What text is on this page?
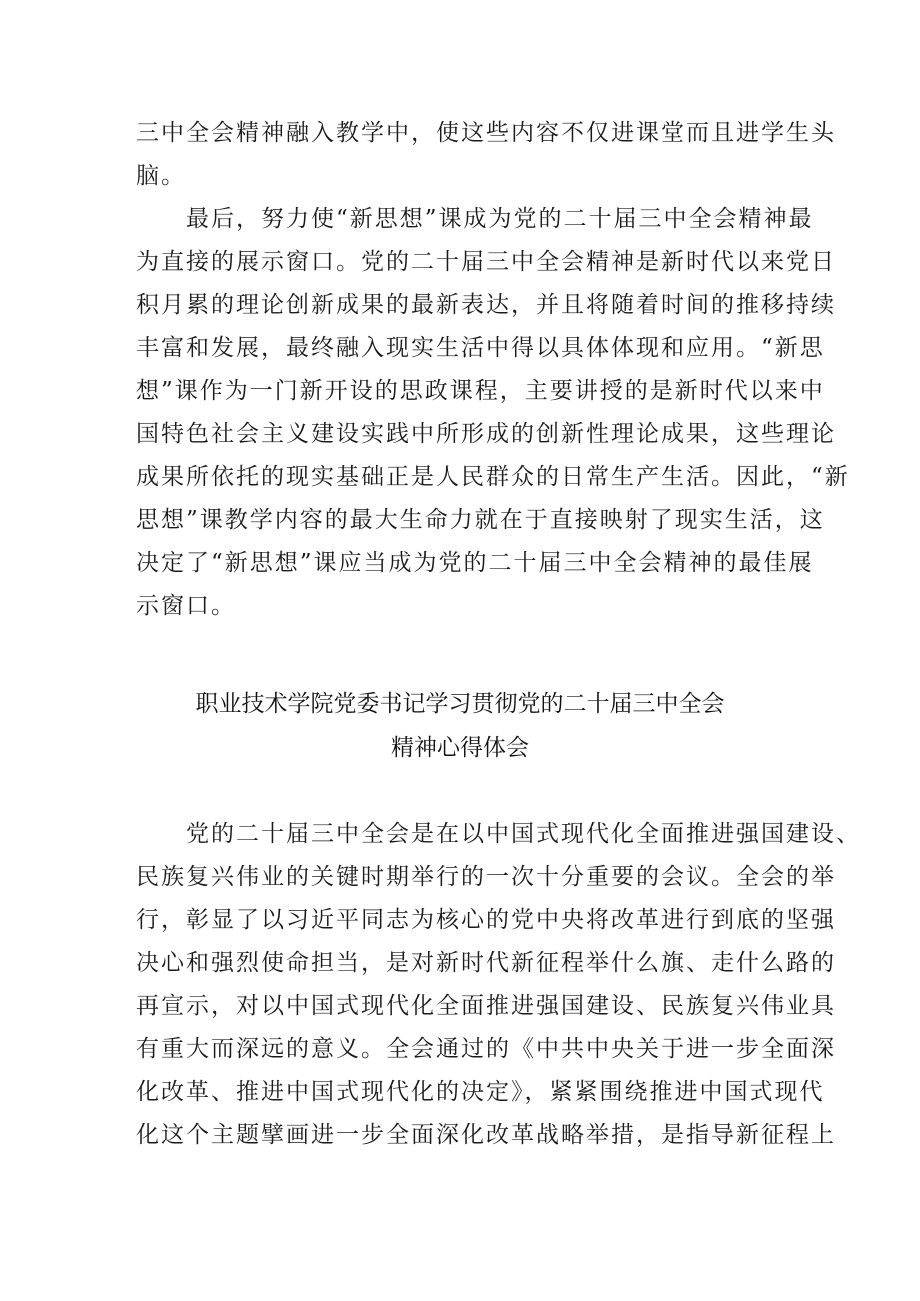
三中全会精神融入教学中，使这些内容不仅进课堂而且进学生头
脑。
　　最后，努力使“新思想”课成为党的二十届三中全会精神最
为直接的展示窗口。党的二十届三中全会精神是新时代以来党日
积月累的理论创新成果的最新表达，并且将随着时间的推移持续
丰富和发展，最终融入现实生活中得以具体体现和应用。“新思
想”课作为一门新开设的思政课程，主要讲授的是新时代以来中
国特色社会主义建设实践中所形成的创新性理论成果，这些理论
成果所依托的现实基础正是人民群众的日常生产生活。因此，“新
思想”课教学内容的最大生命力就在于直接映射了现实生活，这
决定了“新思想”课应当成为党的二十届三中全会精神的最佳展
示窗口。
职业技术学院党委书记学习贯彻党的二十届三中全会
精神心得体会
　　党的二十届三中全会是在以中国式现代化全面推进强国建设、
民族复兴伟业的关键时期举行的一次十分重要的会议。全会的举
行，彰显了以习近平同志为核心的党中央将改革进行到底的坚强
决心和强烈使命担当，是对新时代新征程举什么旗、走什么路的
再宣示，对以中国式现代化全面推进强国建设、民族复兴伟业具
有重大而深远的意义。全会通过的《中共中央关于进一步全面深
化改革、推进中国式现代化的决定》，紧紧围绕推进中国式现代
化这个主题擘画进一步全面深化改革战略举措，是指导新征程上
